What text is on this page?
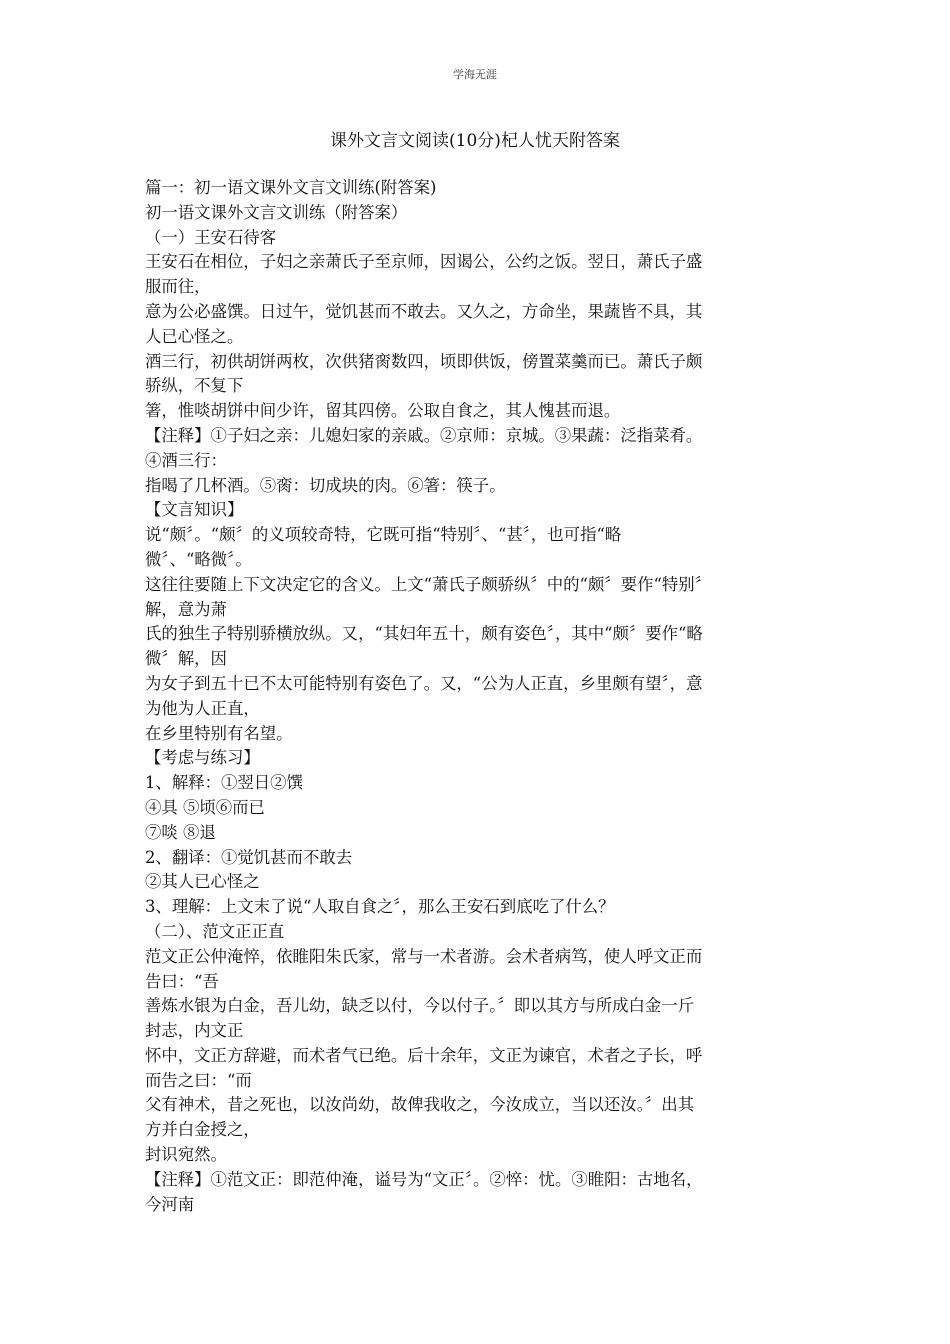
学海无涯
课外文言文阅读(10分)杞人忧天附答案
篇一：初一语文课外文言文训练(附答案)
初一语文课外文言文训练（附答案）
（一）王安石待客
王安石在相位，子妇之亲萧氏子至京师，因谒公，公约之饭。翌日，萧氏子盛
服而往，
意为公必盛馔。日过午，觉饥甚而不敢去。又久之，方命坐，果蔬皆不具，其
人已心怪之。
酒三行，初供胡饼两枚，次供猪脔数四，顷即供饭，傍置菜羹而已。萧氏子颇
骄纵，不复下
箸，惟啖胡饼中间少许，留其四傍。公取自食之，其人愧甚而退。
【注释】①子妇之亲：儿媳妇家的亲戚。②京师：京城。③果蔬：泛指菜肴。
④酒三行：
指喝了几杯酒。⑤脔：切成块的肉。⑥箸：筷子。
【文言知识】
说“颇〞。“颇〞的义项较奇特，它既可指“特别〞、“甚〞，也可指“略
微〞、“略微〞。
这往往要随上下文决定它的含义。上文“萧氏子颇骄纵〞中的“颇〞要作“特别〞
解，意为萧
氏的独生子特别骄横放纵。又，“其妇年五十，颇有姿色〞，其中“颇〞要作“略
微〞解，因
为女子到五十已不太可能特别有姿色了。又，“公为人正直，乡里颇有望〞，意
为他为人正直，
在乡里特别有名望。
【考虑与练习】
1、解释：①翌日②馔
④具 ⑤顷⑥而已
⑦啖 ⑧退
2、翻译：①觉饥甚而不敢去
②其人已心怪之
3、理解：上文末了说“人取自食之〞，那么王安石到底吃了什么？
（二）、范文正正直
范文正公仲淹悴，依睢阳朱氏家，常与一术者游。会术者病笃，使人呼文正而
告曰：“吾
善炼水银为白金，吾儿幼，缺乏以付，今以付子。〞即以其方与所成白金一斤
封志，内文正
怀中，文正方辞避，而术者气已绝。后十余年，文正为谏官，术者之子长，呼
而告之曰：“而
父有神术，昔之死也，以汝尚幼，故俾我收之，今汝成立，当以还汝。〞出其
方并白金授之，
封识宛然。
【注释】①范文正：即范仲淹，谥号为“文正〞。②悴：忧。③睢阳：古地名，
今河南
